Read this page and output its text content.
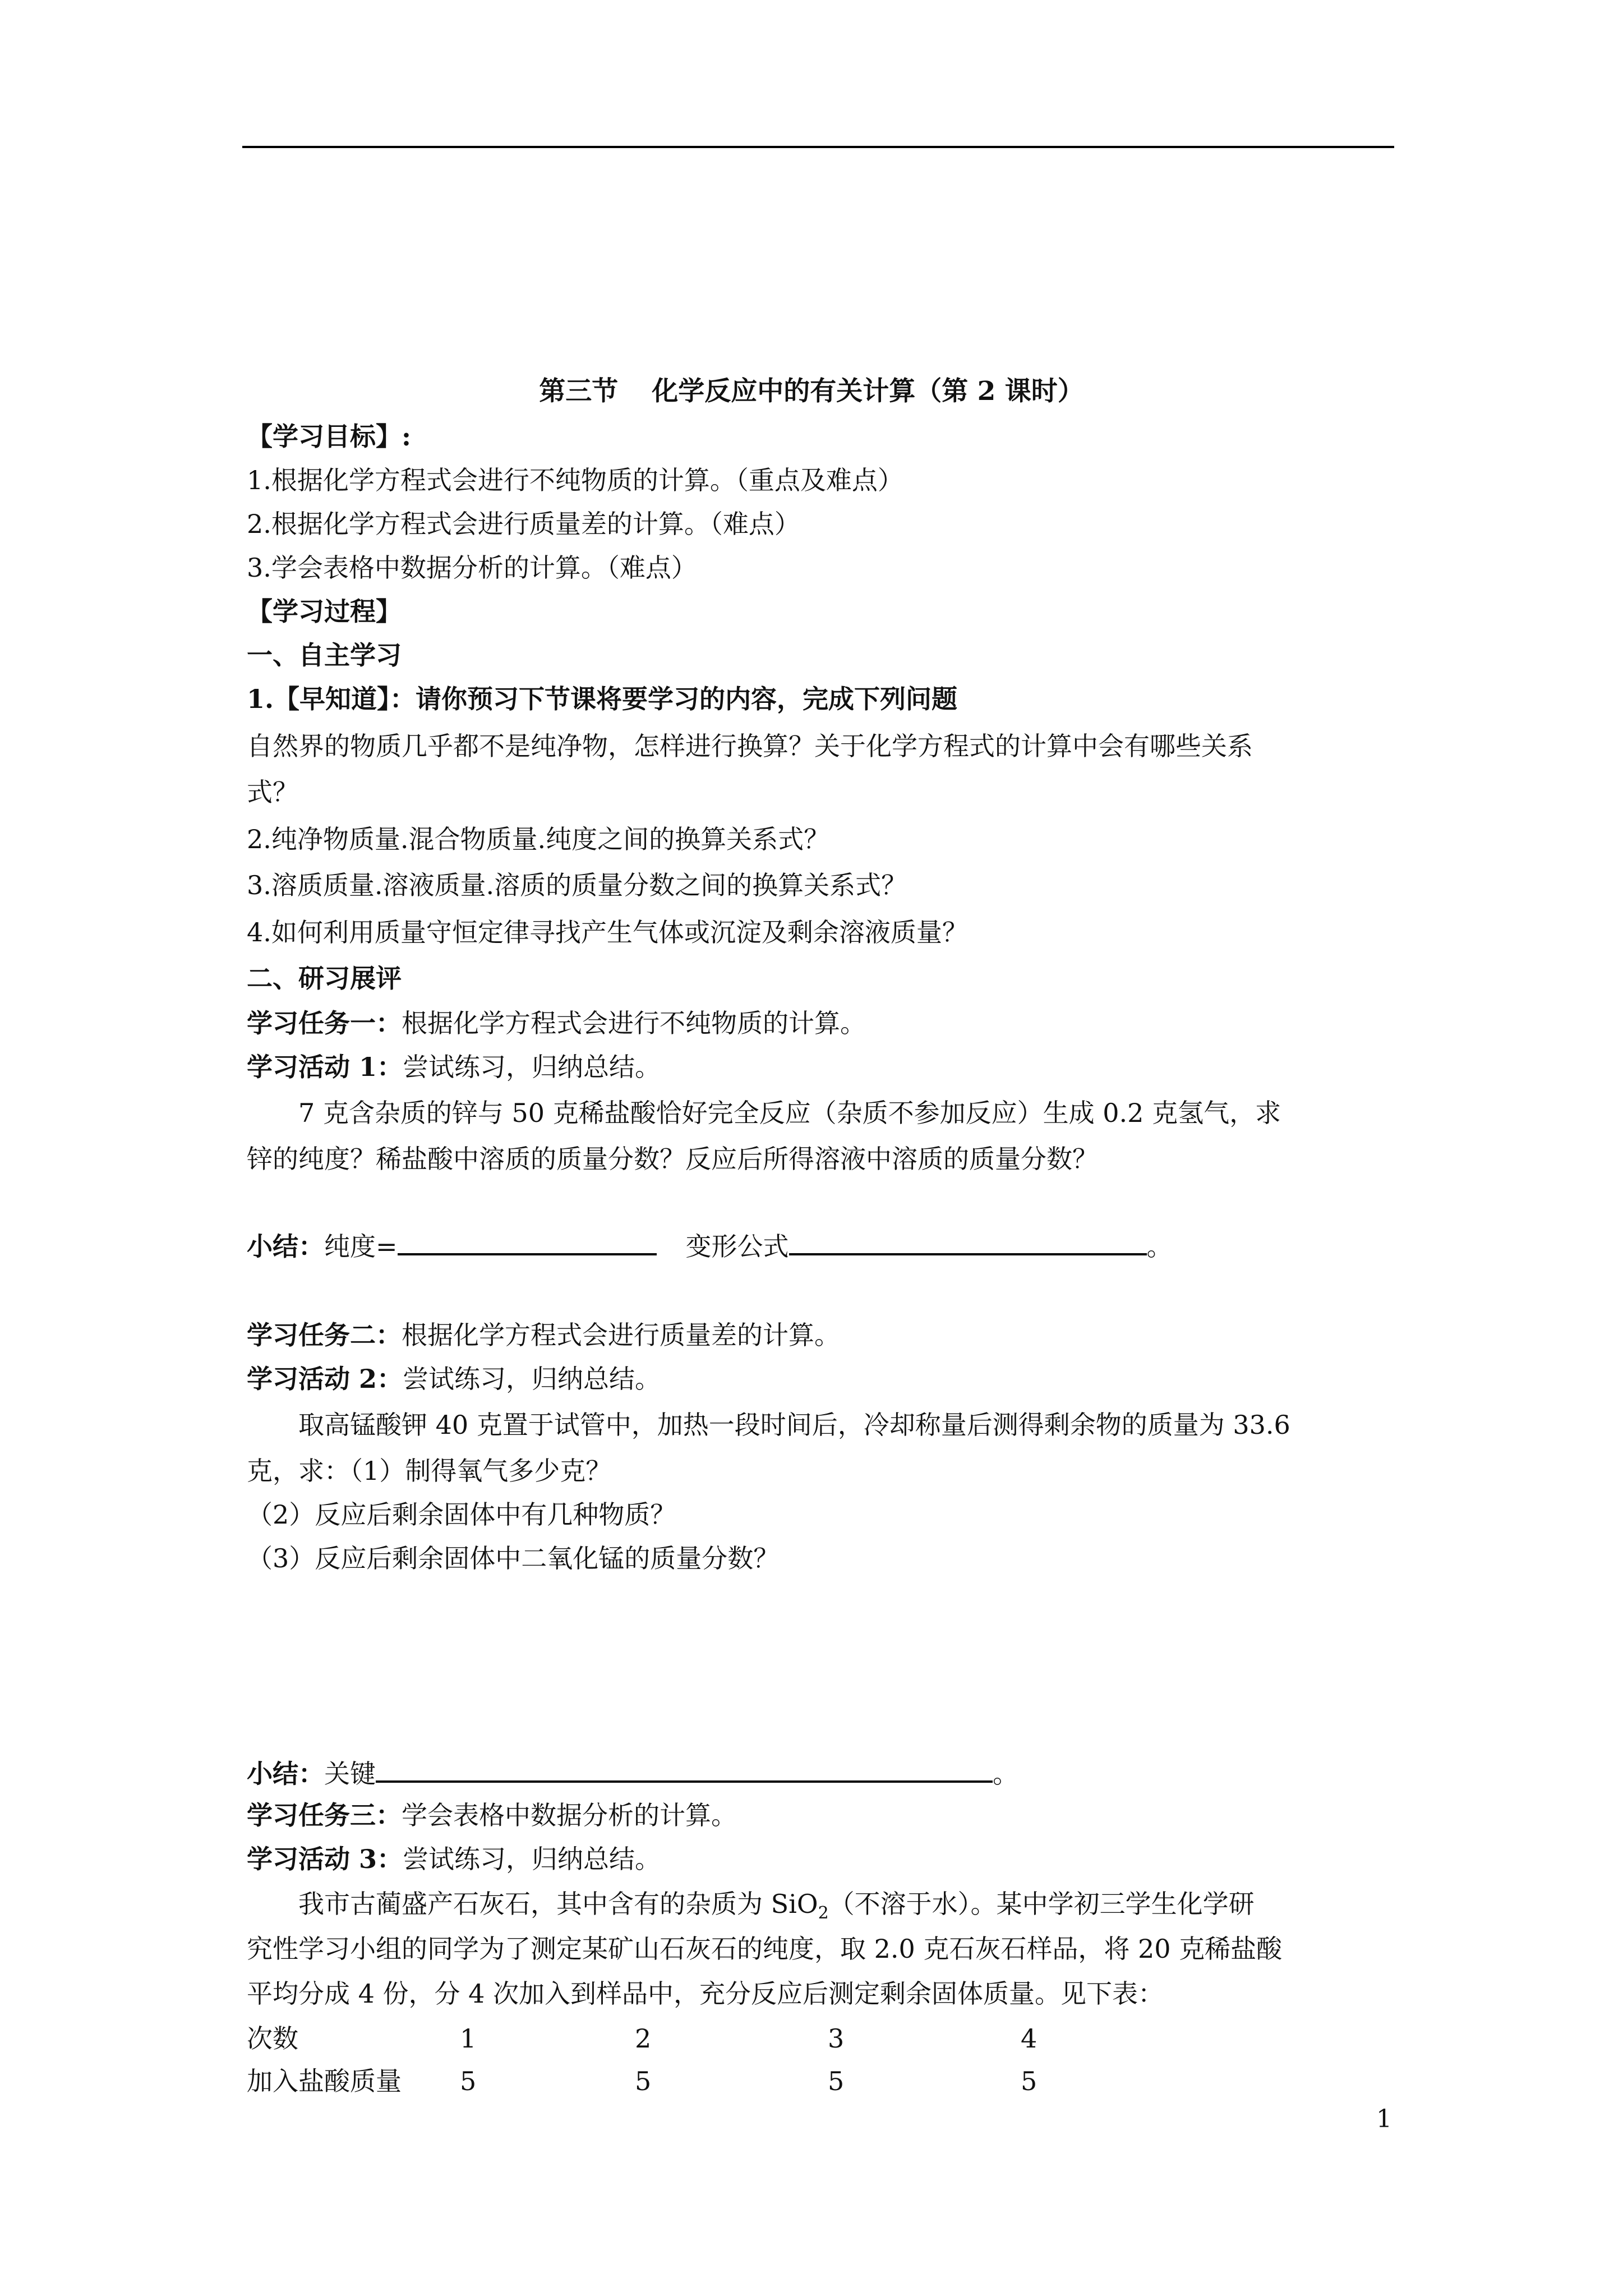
第三节 化学反应中的有关计算（第 2 课时）
【学习目标】:
1.根据化学方程式会进行不纯物质的计算。（重点及难点）
2.根据化学方程式会进行质量差的计算。（难点）
3.学会表格中数据分析的计算。（难点）
【学习过程】
一、自主学习
1.【早知道】：请你预习下节课将要学习的内容，完成下列问题
自然界的物质几乎都不是纯净物，怎样进行换算？关于化学方程式的计算中会有哪些关系
式？
2.纯净物质量.混合物质量.纯度之间的换算关系式？
3.溶质质量.溶液质量.溶质的质量分数之间的换算关系式？
4.如何利用质量守恒定律寻找产生气体或沉淀及剩余溶液质量？
二、研习展评
学习任务一：根据化学方程式会进行不纯物质的计算。
学习活动 1：尝试练习，归纳总结。
7 克含杂质的锌与 50 克稀盐酸恰好完全反应（杂质不参加反应）生成 0.2 克氢气，求
锌的纯度？稀盐酸中溶质的质量分数？反应后所得溶液中溶质的质量分数？
小结：纯度=	变形公式	。
学习任务二：根据化学方程式会进行质量差的计算。
学习活动 2：尝试练习，归纳总结。
取高锰酸钾 40 克置于试管中，加热一段时间后，冷却称量后测得剩余物的质量为 33.6
克，求：（1）制得氧气多少克？
（2）反应后剩余固体中有几种物质？
（3）反应后剩余固体中二氧化锰的质量分数？
小结：关键	。
学习任务三：学会表格中数据分析的计算。
学习活动 3：尝试练习，归纳总结。
我市古蔺盛产石灰石，其中含有的杂质为 SiO$_2$（不溶于水）。某中学初三学生化学研
究性学习小组的同学为了测定某矿山石灰石的纯度，取 2.0 克石灰石样品，将 20 克稀盐酸
平均分成 4 份，分 4 次加入到样品中，充分反应后测定剩余固体质量。见下表：
次数	1	2	3	4
加入盐酸质量 5	5	5	5
1
